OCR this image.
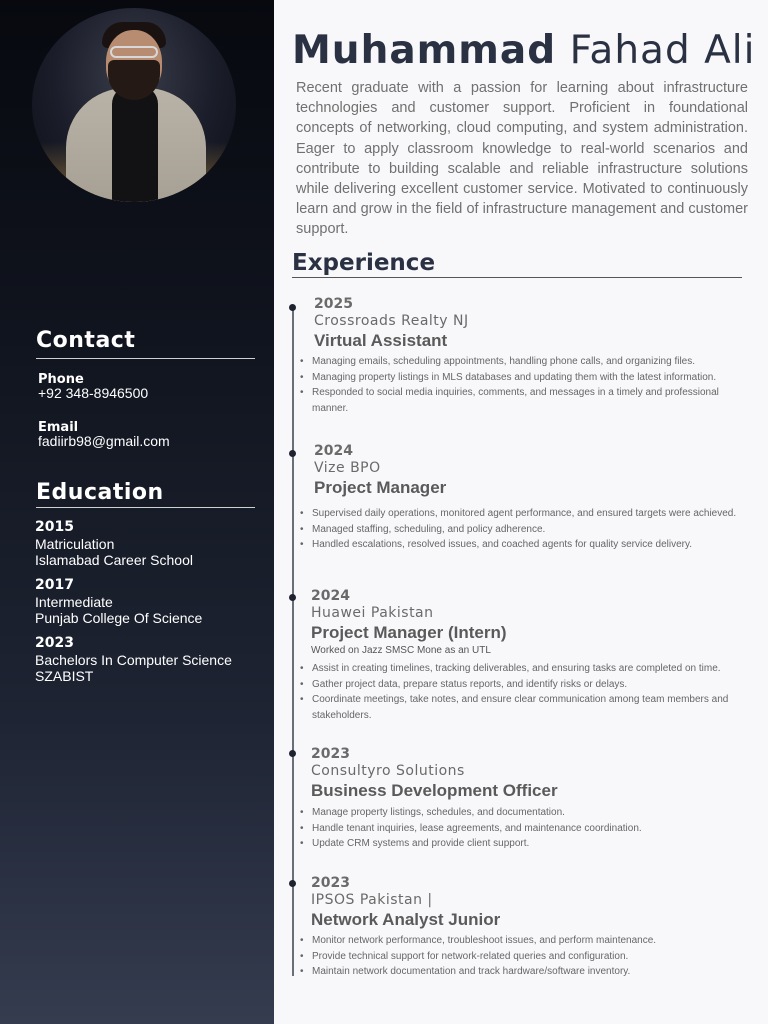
Contact
Phone
+92 348-8946500
Email
fadiirb98@gmail.com
Education
2015
Matriculation
Islamabad Career School
2017
Intermediate
Punjab College Of Science
2023
Bachelors In Computer Science
SZABIST
Muhammad Fahad Ali
Recent graduate with a passion for learning about infrastructure technologies and customer support. Proficient in foundational concepts of networking, cloud computing, and system administration. Eager to apply classroom knowledge to real-world scenarios and contribute to building scalable and reliable infrastructure solutions while delivering excellent customer service. Motivated to continuously learn and grow in the field of infrastructure management and customer support.
Experience
2025
Crossroads Realty NJ
Virtual Assistant
• Managing emails, scheduling appointments, handling phone calls, and organizing files.
• Managing property listings in MLS databases and updating them with the latest information.
• Responded to social media inquiries, comments, and messages in a timely and professional manner.
2024
Vize BPO
Project Manager
• Supervised daily operations, monitored agent performance, and ensured targets were achieved.
• Managed staffing, scheduling, and policy adherence.
• Handled escalations, resolved issues, and coached agents for quality service delivery.
2024
Huawei Pakistan
Project Manager (Intern)
Worked on Jazz SMSC Mone as an UTL
• Assist in creating timelines, tracking deliverables, and ensuring tasks are completed on time.
• Gather project data, prepare status reports, and identify risks or delays.
• Coordinate meetings, take notes, and ensure clear communication among team members and stakeholders.
2023
Consultyro Solutions
Business Development Officer
• Manage property listings, schedules, and documentation.
• Handle tenant inquiries, lease agreements, and maintenance coordination.
• Update CRM systems and provide client support.
2023
IPSOS Pakistan |
Network Analyst Junior
• Monitor network performance, troubleshoot issues, and perform maintenance.
• Provide technical support for network-related queries and configuration.
• Maintain network documentation and track hardware/software inventory.
